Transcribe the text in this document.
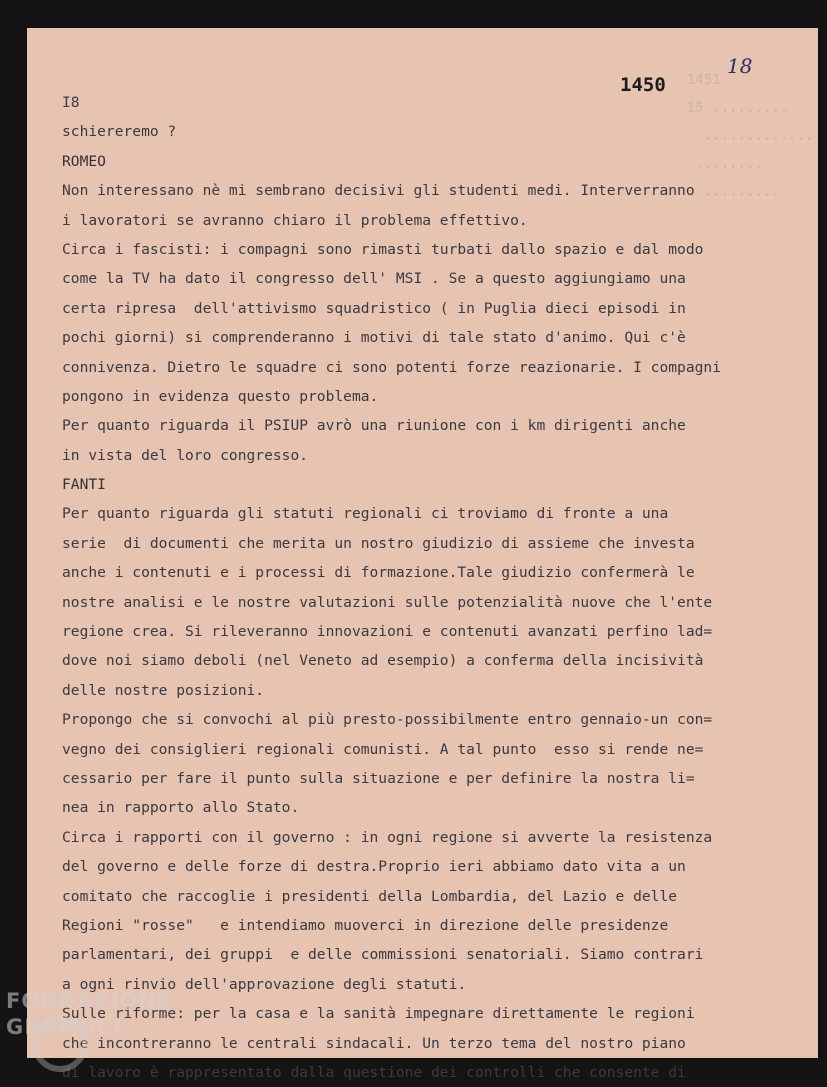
1451
15 .........
.............
........
.........
1450
18
I8
schiereremo ?
ROMEO
Non interessano nè mi sembrano decisivi gli studenti medi. Interverranno
i lavoratori se avranno chiaro il problema effettivo.
Circa i fascisti: i compagni sono rimasti turbati dallo spazio e dal modo
come la TV ha dato il congresso dell' MSI . Se a questo aggiungiamo una
certa ripresa  dell'attivismo squadristico ( in Puglia dieci episodi in
pochi giorni) si comprenderanno i motivi di tale stato d'animo. Qui c'è
connivenza. Dietro le squadre ci sono potenti forze reazionarie. I compagni
pongono in evidenza questo problema.
Per quanto riguarda il PSIUP avrò una riunione con i km dirigenti anche
in vista del loro congresso.
FANTI
Per quanto riguarda gli statuti regionali ci troviamo di fronte a una
serie  di documenti che merita un nostro giudizio di assieme che investa
anche i contenuti e i processi di formazione.Tale giudizio confermerà le
nostre analisi e le nostre valutazioni sulle potenzialità nuove che l'ente
regione crea. Si rileveranno innovazioni e contenuti avanzati perfino lad=
dove noi siamo deboli (nel Veneto ad esempio) a conferma della incisività
delle nostre posizioni.
Propongo che si convochi al più presto-possibilmente entro gennaio-un con=
vegno dei consiglieri regionali comunisti. A tal punto  esso si rende ne=
cessario per fare il punto sulla situazione e per definire la nostra li=
nea in rapporto allo Stato.
Circa i rapporti con il governo : in ogni regione si avverte la resistenza
del governo e delle forze di destra.Proprio ieri abbiamo dato vita a un
comitato che raccoglie i presidenti della Lombardia, del Lazio e delle
Regioni "rosse"   e intendiamo muoverci in direzione delle presidenze
parlamentari, dei gruppi  e delle commissioni senatoriali. Siamo contrari
a ogni rinvio dell'approvazione degli statuti.
Sulle riforme: per la casa e la sanità impegnare direttamente le regioni
che incontreranno le centrali sindacali. Un terzo tema del nostro piano
di lavoro è rappresentato dalla questione dei controlli che consente di
FONDAZIONE
GRAMSCI onlus
